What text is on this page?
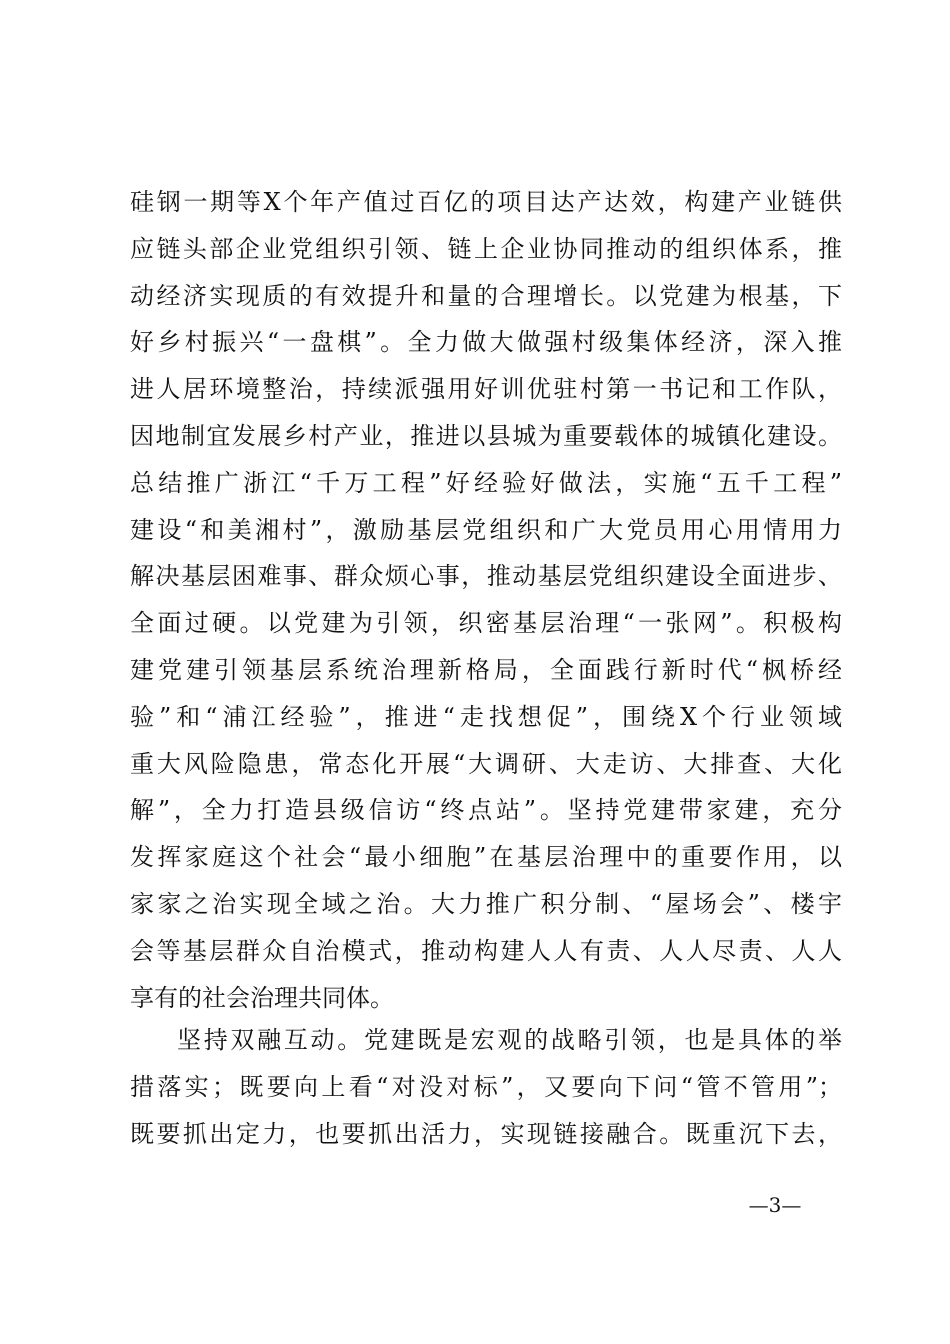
硅钢一期等X个年产值过百亿的项目达产达效，构建产业链供
应链头部企业党组织引领、链上企业协同推动的组织体系，推
动经济实现质的有效提升和量的合理增长。以党建为根基，下
好乡村振兴“一盘棋”。全力做大做强村级集体经济，深入推
进人居环境整治，持续派强用好训优驻村第一书记和工作队，
因地制宜发展乡村产业，推进以县城为重要载体的城镇化建设。
总结推广浙江“千万工程”好经验好做法，实施“五千工程”
建设“和美湘村”，激励基层党组织和广大党员用心用情用力
解决基层困难事、群众烦心事，推动基层党组织建设全面进步、
全面过硬。以党建为引领，织密基层治理“一张网”。积极构
建党建引领基层系统治理新格局，全面践行新时代“枫桥经
验”和“浦江经验”，推进“走找想促”，围绕X个行业领域
重大风险隐患，常态化开展“大调研、大走访、大排查、大化
解”，全力打造县级信访“终点站”。坚持党建带家建，充分
发挥家庭这个社会“最小细胞”在基层治理中的重要作用，以
家家之治实现全域之治。大力推广积分制、“屋场会”、楼宇
会等基层群众自治模式，推动构建人人有责、人人尽责、人人
享有的社会治理共同体。
坚持双融互动。党建既是宏观的战略引领，也是具体的举
措落实；既要向上看“对没对标”，又要向下问“管不管用”；
既要抓出定力，也要抓出活力，实现链接融合。既重沉下去，
—3—
